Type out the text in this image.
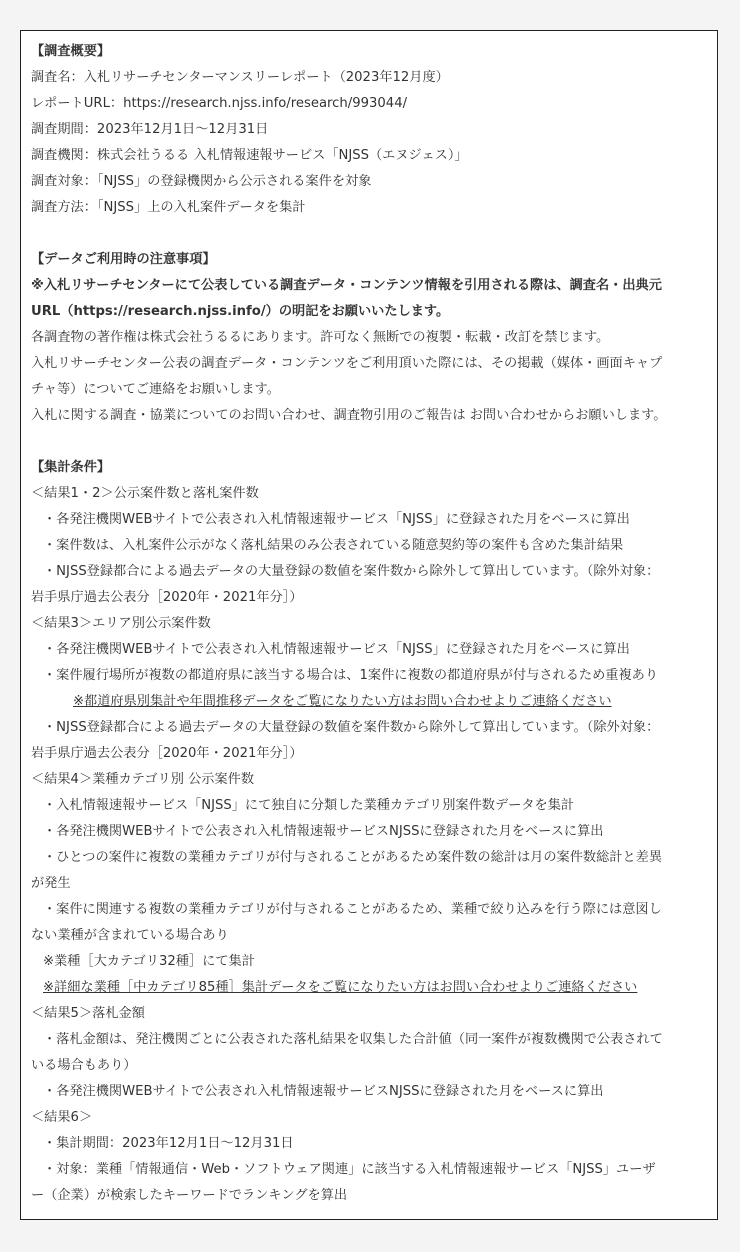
【調査概要】
調査名：入札リサーチセンターマンスリーレポート（2023年12月度）
レポートURL：https://research.njss.info/research/993044/
調査期間：2023年12月1日〜12月31日
調査機関：株式会社うるる 入札情報速報サービス「NJSS（エヌジェス）」
調査対象：「NJSS」の登録機関から公示される案件を対象
調査方法：「NJSS」上の入札案件データを集計
【データご利用時の注意事項】
※入札リサーチセンターにて公表している調査データ・コンテンツ情報を引用される際は、調査名・出典元
URL（https://research.njss.info/）の明記をお願いいたします。
各調査物の著作権は株式会社うるるにあります。許可なく無断での複製・転載・改訂を禁じます。
入札リサーチセンター公表の調査データ・コンテンツをご利用頂いた際には、その掲載（媒体・画面キャプ
チャ等）についてご連絡をお願いします。
入札に関する調査・協業についてのお問い合わせ、調査物引用のご報告は お問い合わせからお願いします。
【集計条件】
＜結果1・2＞公示案件数と落札案件数
・各発注機関WEBサイトで公表され入札情報速報サービス「NJSS」に登録された月をベースに算出
・案件数は、入札案件公示がなく落札結果のみ公表されている随意契約等の案件も含めた集計結果
・NJSS登録都合による過去データの大量登録の数値を案件数から除外して算出しています。（除外対象：
岩手県庁過去公表分［2020年・2021年分］）
＜結果3＞エリア別公示案件数
・各発注機関WEBサイトで公表され入札情報速報サービス「NJSS」に登録された月をベースに算出
・案件履行場所が複数の都道府県に該当する場合は、1案件に複数の都道府県が付与されるため重複あり
※都道府県別集計や年間推移データをご覧になりたい方はお問い合わせよりご連絡ください
・NJSS登録都合による過去データの大量登録の数値を案件数から除外して算出しています。（除外対象：
岩手県庁過去公表分［2020年・2021年分］）
＜結果4＞業種カテゴリ別 公示案件数
・入札情報速報サービス「NJSS」にて独自に分類した業種カテゴリ別案件数データを集計
・各発注機関WEBサイトで公表され入札情報速報サービスNJSSに登録された月をベースに算出
・ひとつの案件に複数の業種カテゴリが付与されることがあるため案件数の総計は月の案件数総計と差異
が発生
・案件に関連する複数の業種カテゴリが付与されることがあるため、業種で絞り込みを行う際には意図し
ない業種が含まれている場合あり
※業種［大カテゴリ32種］にて集計
※詳細な業種［中カテゴリ85種］集計データをご覧になりたい方はお問い合わせよりご連絡ください
＜結果5＞落札金額
・落札金額は、発注機関ごとに公表された落札結果を収集した合計値（同一案件が複数機関で公表されて
いる場合もあり）
・各発注機関WEBサイトで公表され入札情報速報サービスNJSSに登録された月をベースに算出
＜結果6＞
・集計期間：2023年12月1日〜12月31日
・対象：業種「情報通信・Web・ソフトウェア関連」に該当する入札情報速報サービス「NJSS」ユーザ
ー（企業）が検索したキーワードでランキングを算出
